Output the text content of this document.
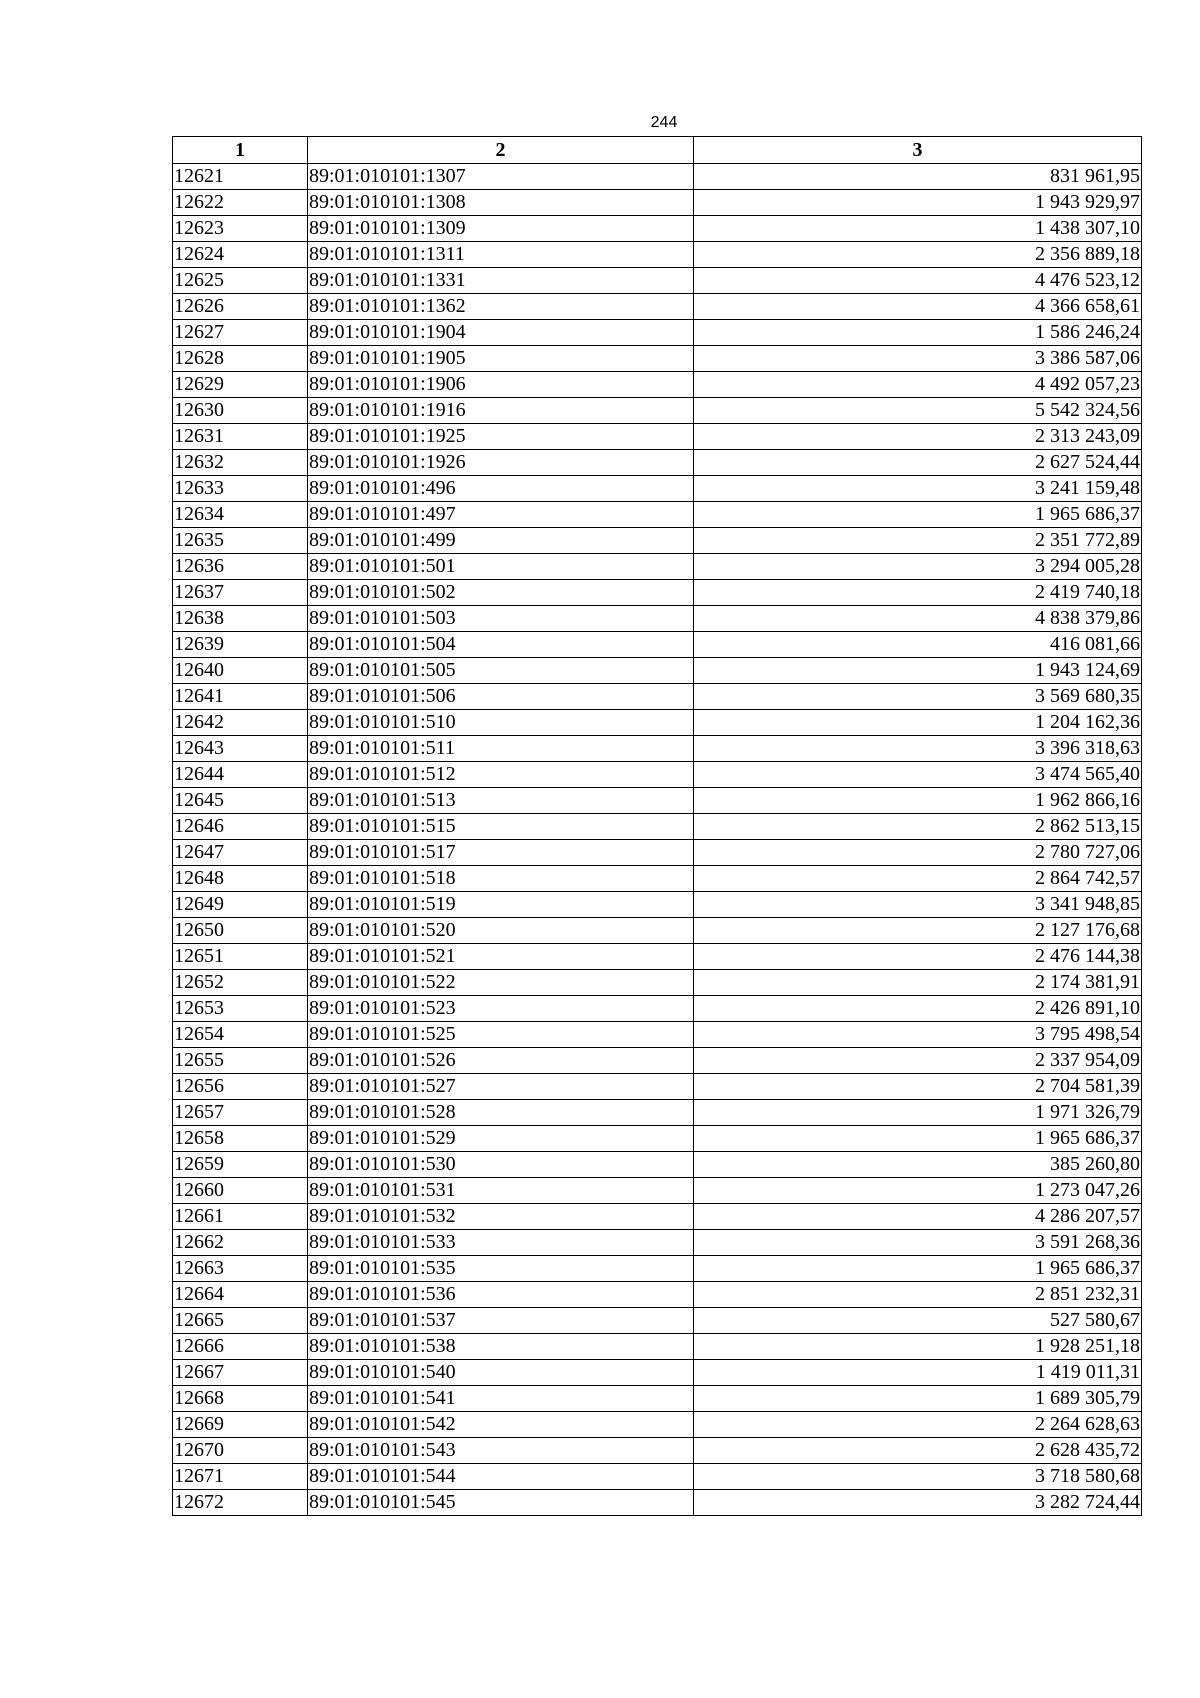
244
1	2	3
12621	89:01:010101:1307	831 961,95
12622	89:01:010101:1308	1 943 929,97
12623	89:01:010101:1309	1 438 307,10
12624	89:01:010101:1311	2 356 889,18
12625	89:01:010101:1331	4 476 523,12
12626	89:01:010101:1362	4 366 658,61
12627	89:01:010101:1904	1 586 246,24
12628	89:01:010101:1905	3 386 587,06
12629	89:01:010101:1906	4 492 057,23
12630	89:01:010101:1916	5 542 324,56
12631	89:01:010101:1925	2 313 243,09
12632	89:01:010101:1926	2 627 524,44
12633	89:01:010101:496	3 241 159,48
12634	89:01:010101:497	1 965 686,37
12635	89:01:010101:499	2 351 772,89
12636	89:01:010101:501	3 294 005,28
12637	89:01:010101:502	2 419 740,18
12638	89:01:010101:503	4 838 379,86
12639	89:01:010101:504	416 081,66
12640	89:01:010101:505	1 943 124,69
12641	89:01:010101:506	3 569 680,35
12642	89:01:010101:510	1 204 162,36
12643	89:01:010101:511	3 396 318,63
12644	89:01:010101:512	3 474 565,40
12645	89:01:010101:513	1 962 866,16
12646	89:01:010101:515	2 862 513,15
12647	89:01:010101:517	2 780 727,06
12648	89:01:010101:518	2 864 742,57
12649	89:01:010101:519	3 341 948,85
12650	89:01:010101:520	2 127 176,68
12651	89:01:010101:521	2 476 144,38
12652	89:01:010101:522	2 174 381,91
12653	89:01:010101:523	2 426 891,10
12654	89:01:010101:525	3 795 498,54
12655	89:01:010101:526	2 337 954,09
12656	89:01:010101:527	2 704 581,39
12657	89:01:010101:528	1 971 326,79
12658	89:01:010101:529	1 965 686,37
12659	89:01:010101:530	385 260,80
12660	89:01:010101:531	1 273 047,26
12661	89:01:010101:532	4 286 207,57
12662	89:01:010101:533	3 591 268,36
12663	89:01:010101:535	1 965 686,37
12664	89:01:010101:536	2 851 232,31
12665	89:01:010101:537	527 580,67
12666	89:01:010101:538	1 928 251,18
12667	89:01:010101:540	1 419 011,31
12668	89:01:010101:541	1 689 305,79
12669	89:01:010101:542	2 264 628,63
12670	89:01:010101:543	2 628 435,72
12671	89:01:010101:544	3 718 580,68
12672	89:01:010101:545	3 282 724,44
